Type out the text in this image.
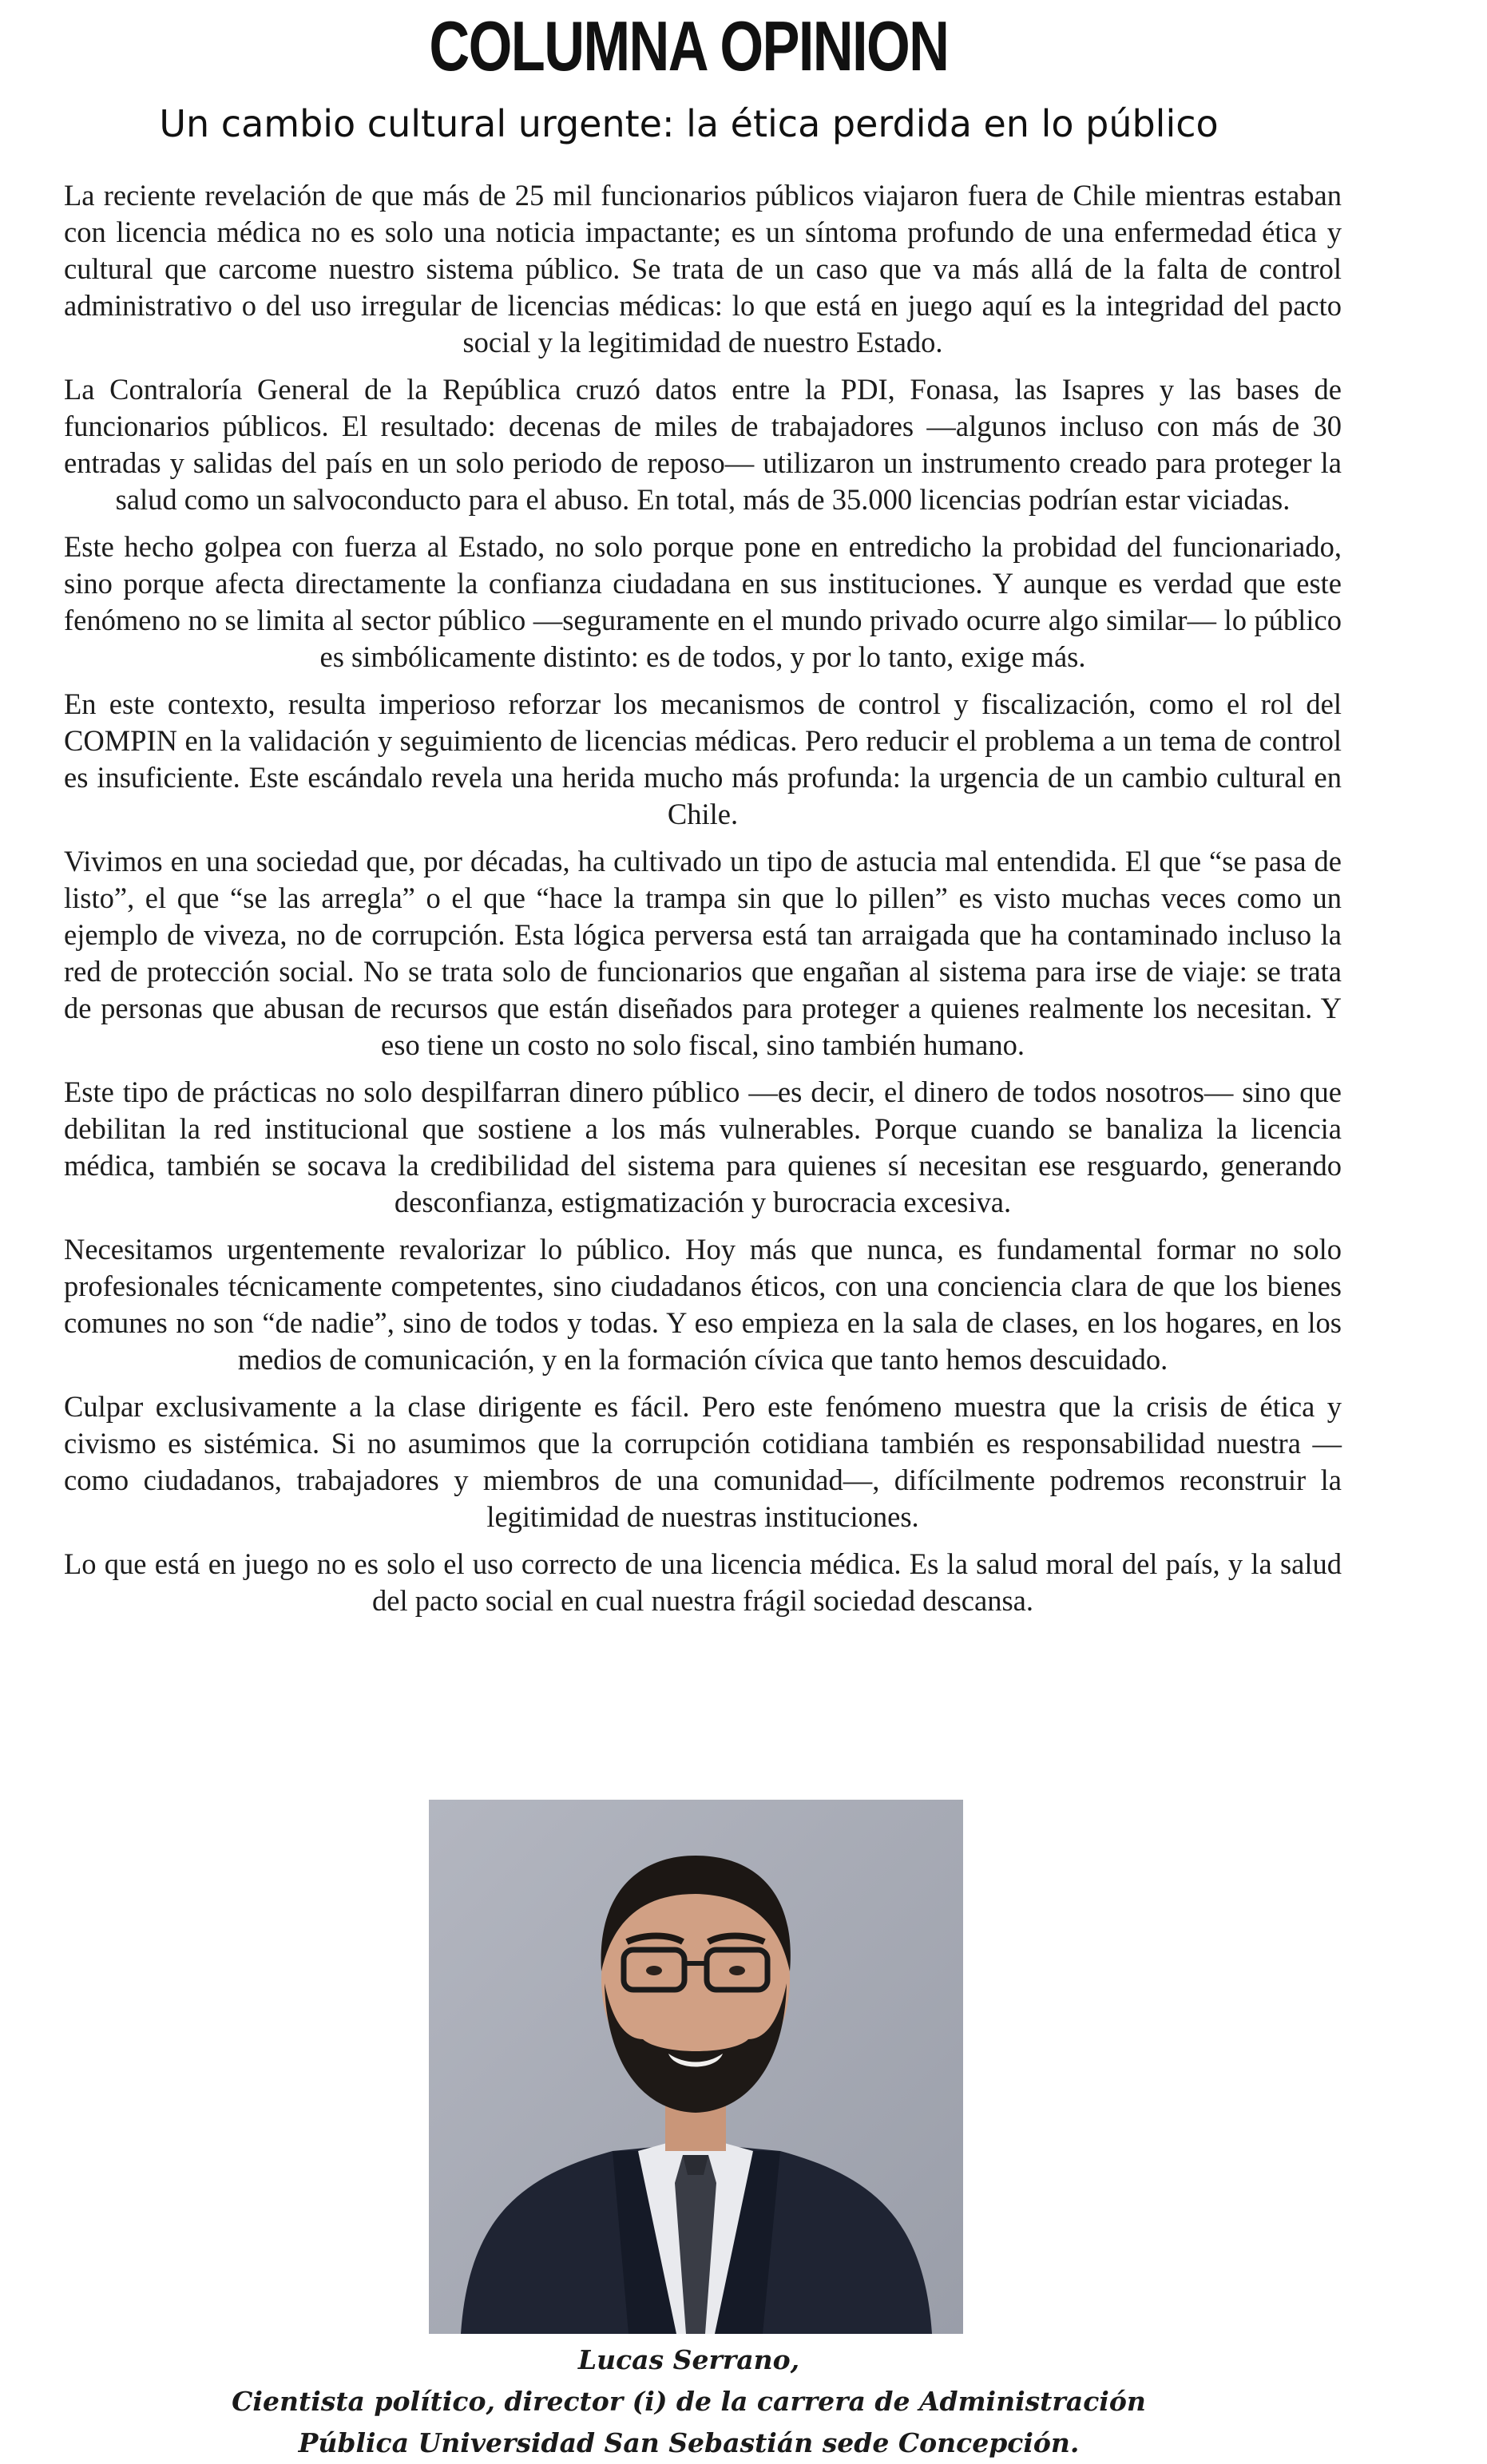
COLUMNA OPINION
Un cambio cultural urgente: la ética perdida en lo público

La reciente revelación de que más de 25 mil funcionarios públicos viajaron fuera de Chile mientras estaban con licencia médica no es solo una noticia impactante; es un síntoma profundo de una enfermedad ética y cultural que carcome nuestro sistema público. Se trata de un caso que va más allá de la falta de control administrativo o del uso irregular de licencias médicas: lo que está en juego aquí es la integridad del pacto social y la legitimidad de nuestro Estado.

La Contraloría General de la República cruzó datos entre la PDI, Fonasa, las Isapres y las bases de funcionarios públicos. El resultado: decenas de miles de trabajadores —algunos incluso con más de 30 entradas y salidas del país en un solo periodo de reposo— utilizaron un instrumento creado para proteger la salud como un salvoconducto para el abuso. En total, más de 35.000 licencias podrían estar viciadas.

Este hecho golpea con fuerza al Estado, no solo porque pone en entredicho la probidad del funcionariado, sino porque afecta directamente la confianza ciudadana en sus instituciones. Y aunque es verdad que este fenómeno no se limita al sector público —seguramente en el mundo privado ocurre algo similar— lo público es simbólicamente distinto: es de todos, y por lo tanto, exige más.

En este contexto, resulta imperioso reforzar los mecanismos de control y fiscalización, como el rol del COMPIN en la validación y seguimiento de licencias médicas. Pero reducir el problema a un tema de control es insuficiente. Este escándalo revela una herida mucho más profunda: la urgencia de un cambio cultural en Chile.

Vivimos en una sociedad que, por décadas, ha cultivado un tipo de astucia mal entendida. El que “se pasa de listo”, el que “se las arregla” o el que “hace la trampa sin que lo pillen” es visto muchas veces como un ejemplo de viveza, no de corrupción. Esta lógica perversa está tan arraigada que ha contaminado incluso la red de protección social. No se trata solo de funcionarios que engañan al sistema para irse de viaje: se trata de personas que abusan de recursos que están diseñados para proteger a quienes realmente los necesitan. Y eso tiene un costo no solo fiscal, sino también humano.

Este tipo de prácticas no solo despilfarran dinero público —es decir, el dinero de todos nosotros— sino que debilitan la red institucional que sostiene a los más vulnerables. Porque cuando se banaliza la licencia médica, también se socava la credibilidad del sistema para quienes sí necesitan ese resguardo, generando desconfianza, estigmatización y burocracia excesiva.

Necesitamos urgentemente revalorizar lo público. Hoy más que nunca, es fundamental formar no solo profesionales técnicamente competentes, sino ciudadanos éticos, con una conciencia clara de que los bienes comunes no son “de nadie”, sino de todos y todas. Y eso empieza en la sala de clases, en los hogares, en los medios de comunicación, y en la formación cívica que tanto hemos descuidado.

Culpar exclusivamente a la clase dirigente es fácil. Pero este fenómeno muestra que la crisis de ética y civismo es sistémica. Si no asumimos que la corrupción cotidiana también es responsabilidad nuestra —como ciudadanos, trabajadores y miembros de una comunidad—, difícilmente podremos reconstruir la legitimidad de nuestras instituciones.

Lo que está en juego no es solo el uso correcto de una licencia médica. Es la salud moral del país, y la salud del pacto social en cual nuestra frágil sociedad descansa.

Lucas Serrano,
Cientista político, director (i) de la carrera de Administración
Pública Universidad San Sebastián sede Concepción.
